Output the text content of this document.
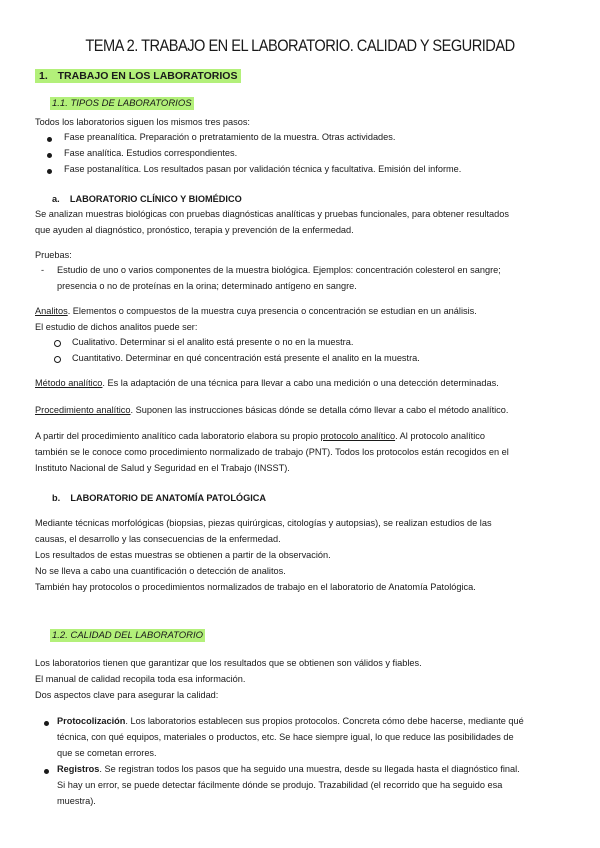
TEMA 2. TRABAJO EN EL LABORATORIO. CALIDAD Y SEGURIDAD
1. TRABAJO EN LOS LABORATORIOS
1.1. TIPOS DE LABORATORIOS
Todos los laboratorios siguen los mismos tres pasos:
Fase preanalítica. Preparación o pretratamiento de la muestra. Otras actividades.
Fase analítica. Estudios correspondientes.
Fase postanalítica. Los resultados pasan por validación técnica y facultativa. Emisión del informe.
a. LABORATORIO CLÍNICO Y BIOMÉDICO
Se analizan muestras biológicas con pruebas diagnósticas analíticas y pruebas funcionales, para obtener resultados
que ayuden al diagnóstico, pronóstico, terapia y prevención de la enfermedad.
Pruebas:
- Estudio de uno o varios componentes de la muestra biológica. Ejemplos: concentración colesterol en sangre;
presencia o no de proteínas en la orina; determinado antígeno en sangre.
Analitos. Elementos o compuestos de la muestra cuya presencia o concentración se estudian en un análisis.
El estudio de dichos analitos puede ser:
Cualitativo. Determinar si el analito está presente o no en la muestra.
Cuantitativo. Determinar en qué concentración está presente el analito en la muestra.
Método analítico. Es la adaptación de una técnica para llevar a cabo una medición o una detección determinadas.
Procedimiento analítico. Suponen las instrucciones básicas dónde se detalla cómo llevar a cabo el método analítico.
A partir del procedimiento analítico cada laboratorio elabora su propio protocolo analítico. Al protocolo analítico
también se le conoce como procedimiento normalizado de trabajo (PNT). Todos los protocolos están recogidos en el
Instituto Nacional de Salud y Seguridad en el Trabajo (INSST).
b. LABORATORIO DE ANATOMÍA PATOLÓGICA
Mediante técnicas morfológicas (biopsias, piezas quirúrgicas, citologías y autopsias), se realizan estudios de las
causas, el desarrollo y las consecuencias de la enfermedad.
Los resultados de estas muestras se obtienen a partir de la observación.
No se lleva a cabo una cuantificación o detección de analitos.
También hay protocolos o procedimientos normalizados de trabajo en el laboratorio de Anatomía Patológica.
1.2. CALIDAD DEL LABORATORIO
Los laboratorios tienen que garantizar que los resultados que se obtienen son válidos y fiables.
El manual de calidad recopila toda esa información.
Dos aspectos clave para asegurar la calidad:
Protocolización. Los laboratorios establecen sus propios protocolos. Concreta cómo debe hacerse, mediante qué
técnica, con qué equipos, materiales o productos, etc. Se hace siempre igual, lo que reduce las posibilidades de
que se cometan errores.
Registros. Se registran todos los pasos que ha seguido una muestra, desde su llegada hasta el diagnóstico final.
Si hay un error, se puede detectar fácilmente dónde se produjo. Trazabilidad (el recorrido que ha seguido esa
muestra).
